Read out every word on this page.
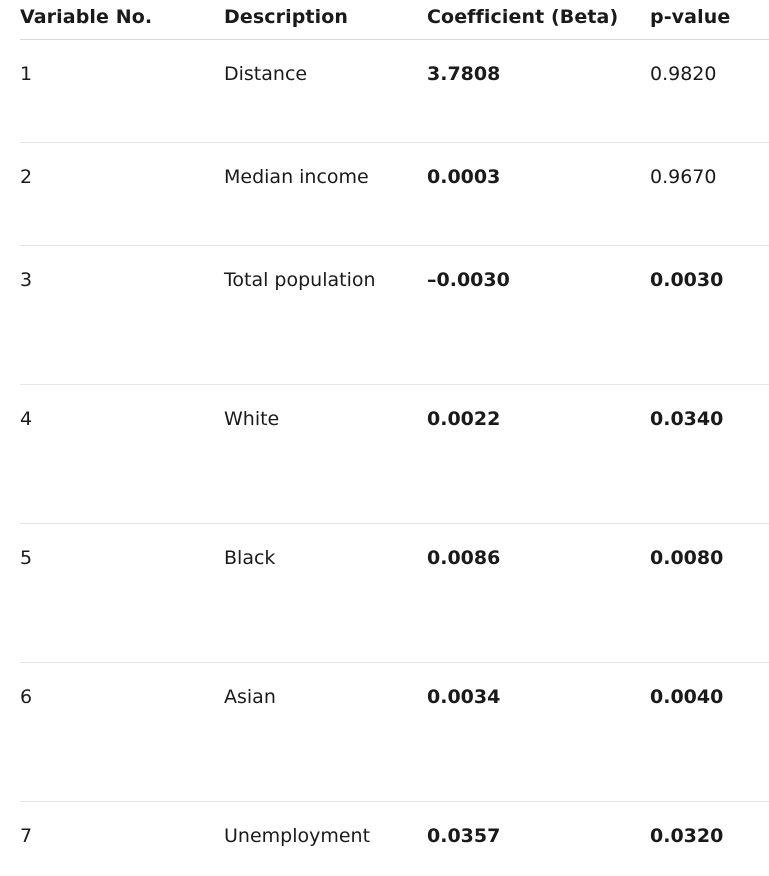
Variable No.	Description	Coefficient (Beta)	p-value
1	Distance	3.7808	0.9820
2	Median income	0.0003	0.9670
3	Total population	–0.0030	0.0030
4	White	0.0022	0.0340
5	Black	0.0086	0.0080
6	Asian	0.0034	0.0040
7	Unemployment	0.0357	0.0320
